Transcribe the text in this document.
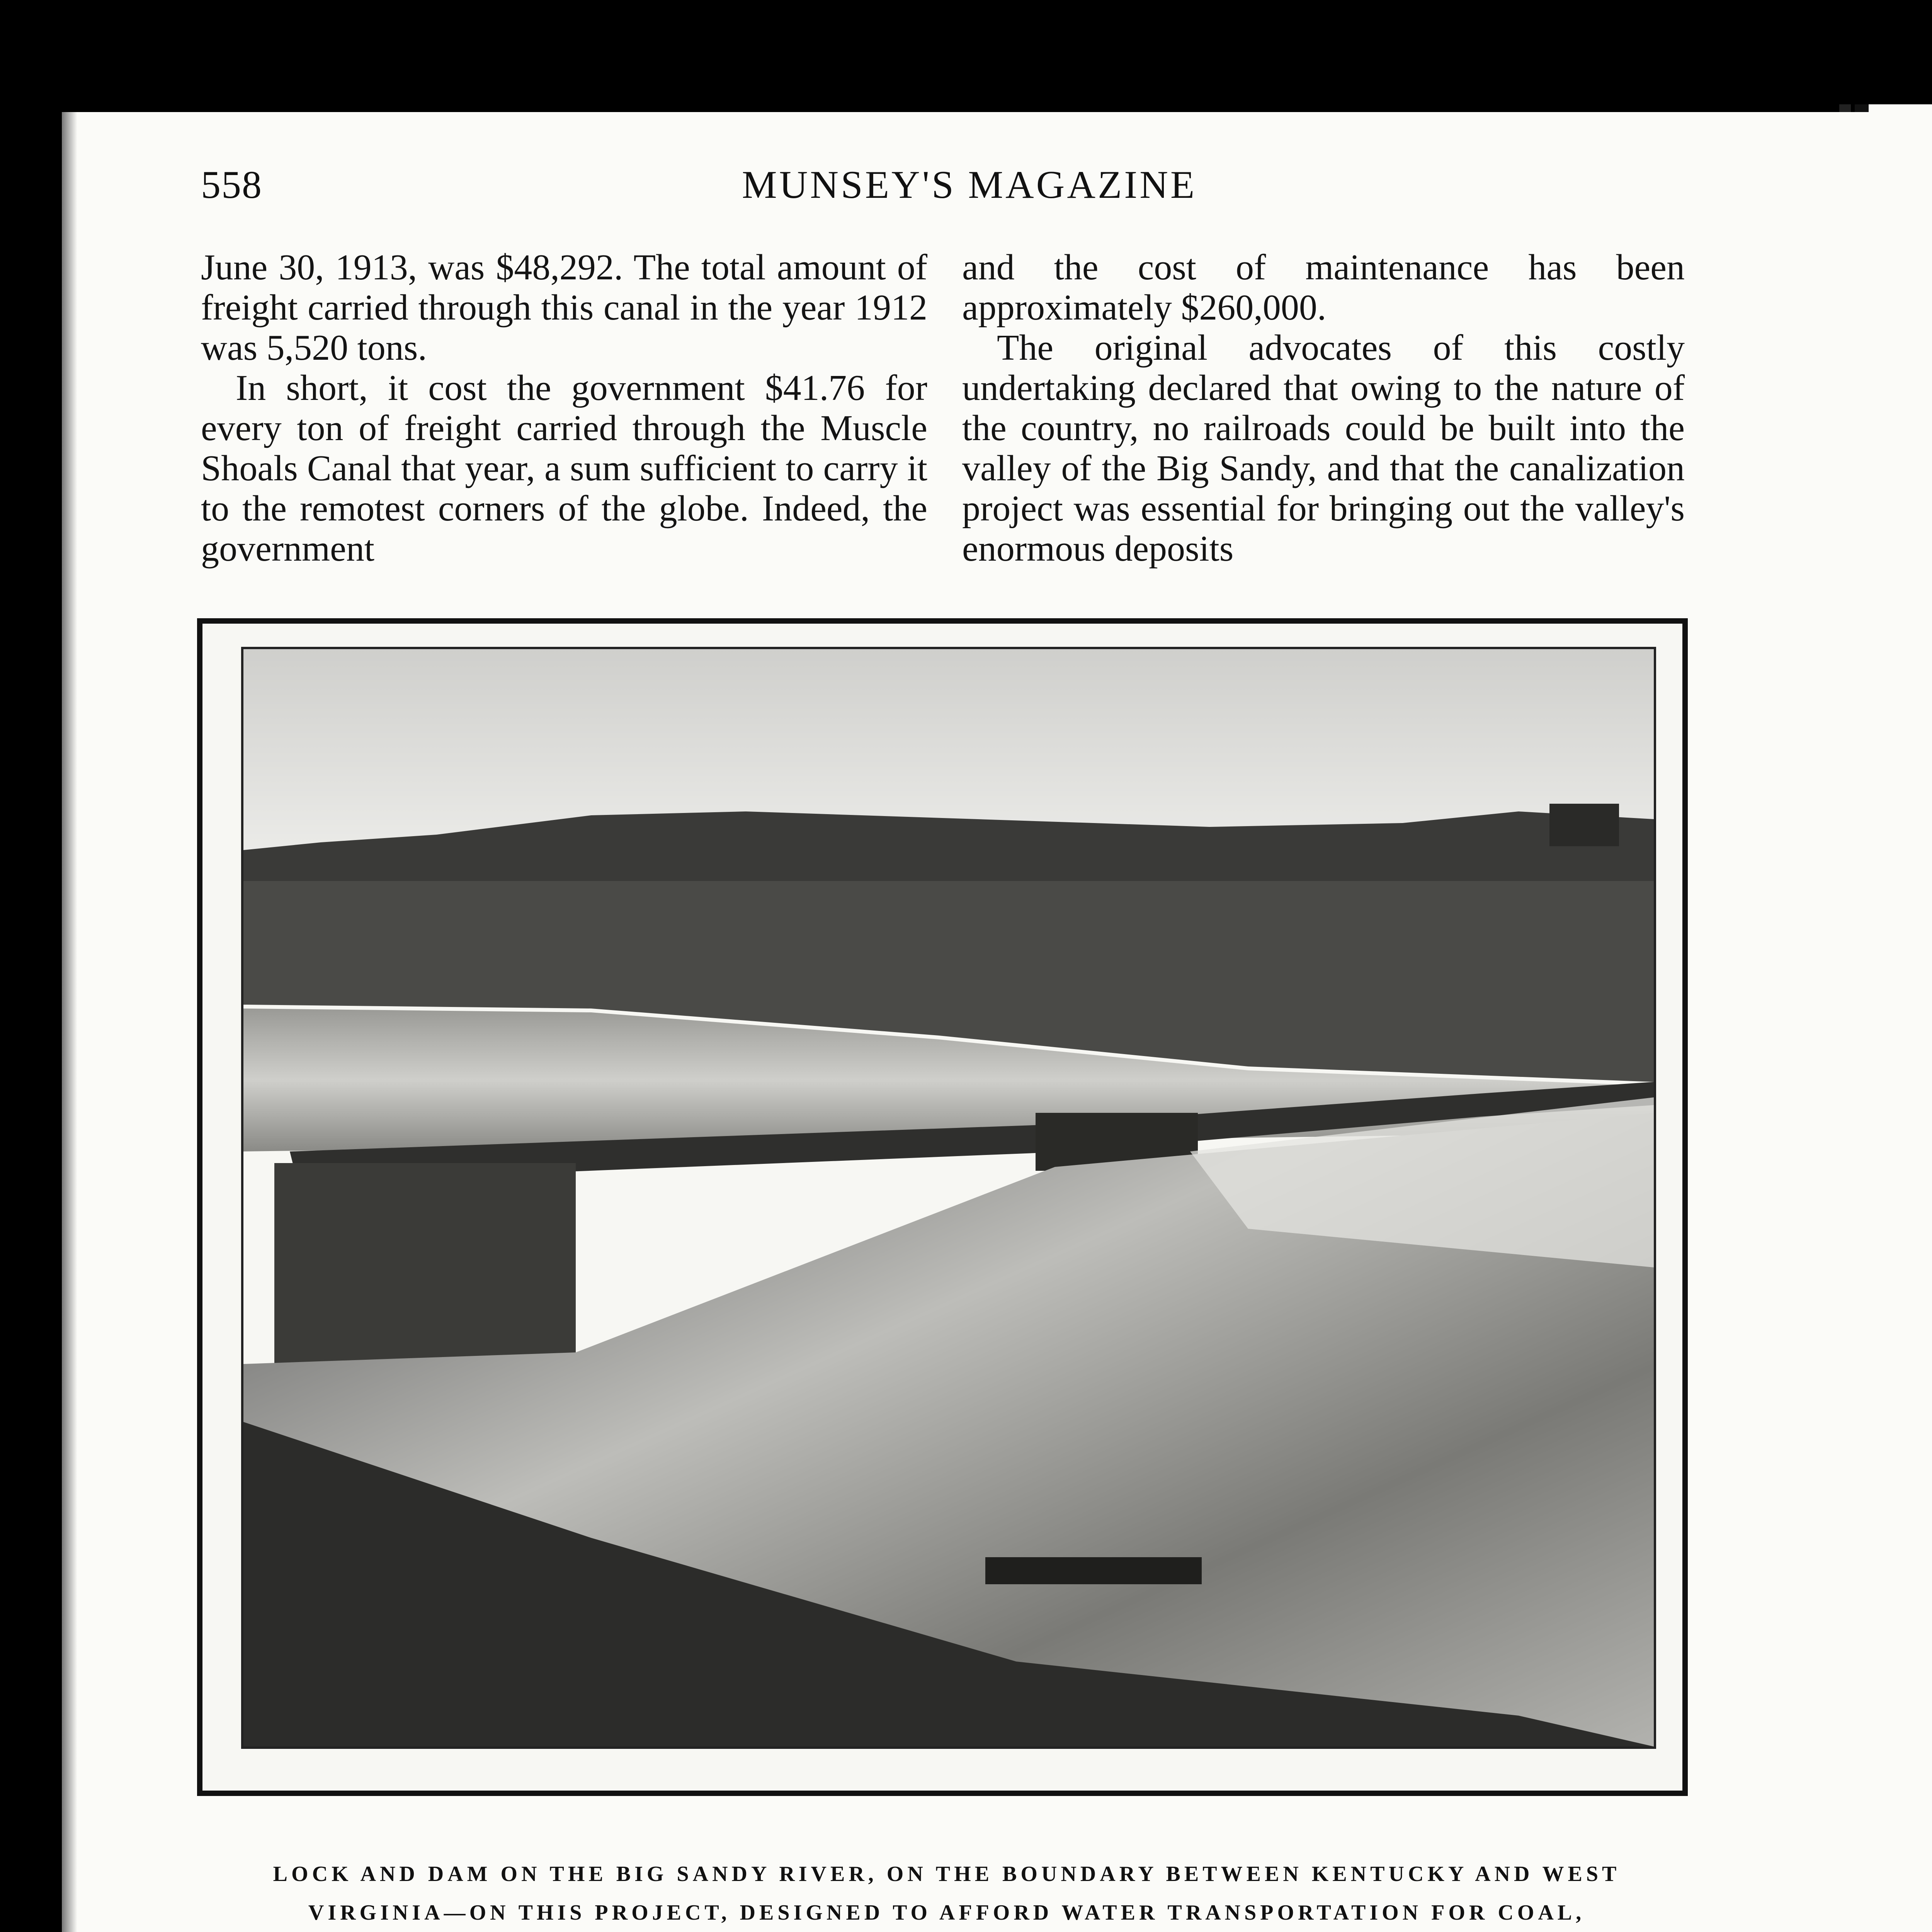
558	MUNSEY'S MAGAZINE

June 30, 1913, was $48,292. The total amount of freight carried through this canal in the year 1912 was 5,520 tons.

In short, it cost the government $41.76 for every ton of freight carried through the Muscle Shoals Canal that year, a sum sufficient to carry it to the remotest corners of the globe. Indeed, the government

and the cost of maintenance has been approximately $260,000.

The original advocates of this costly undertaking declared that owing to the nature of the country, no railroads could be built into the valley of the Big Sandy, and that the canalization project was essential for bringing out the valley's enormous deposits

LOCK AND DAM ON THE BIG SANDY RIVER, ON THE BOUNDARY BETWEEN KENTUCKY AND WEST
VIRGINIA—ON THIS PROJECT, DESIGNED TO AFFORD WATER TRANSPORTATION FOR COAL,
